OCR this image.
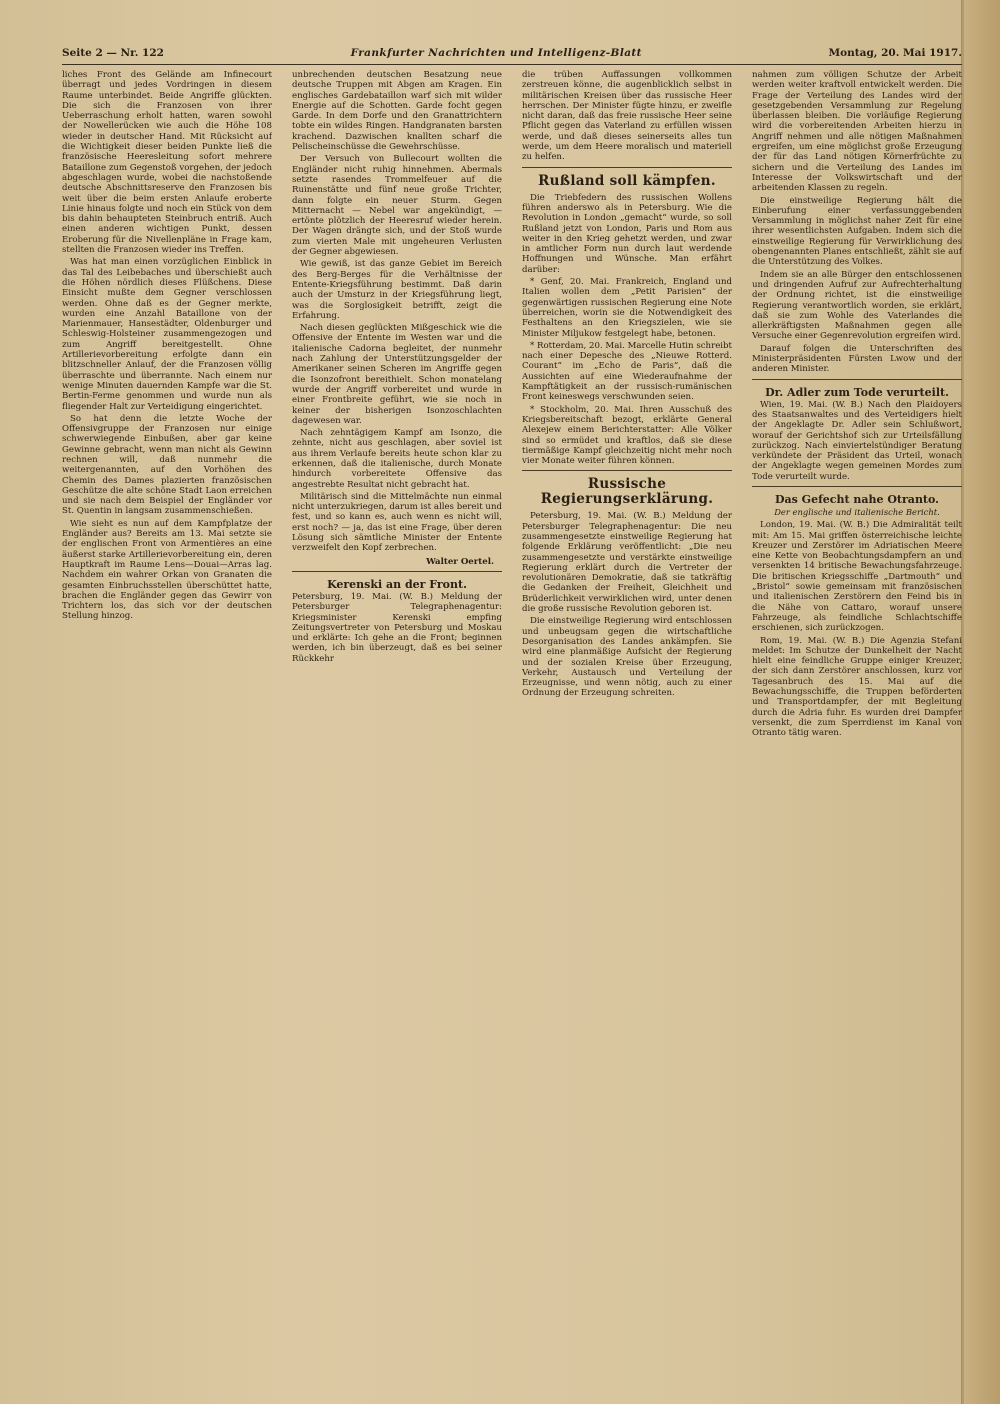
Seite 2 — Nr. 122	Frankfurter Nachrichten und Intelligenz-Blatt	Montag, 20. Mai 1917.

liches Front des Gelände am Infinecourt überragt und jedes Vordringen in diesem Raume unterbindet. Beide Angriffe glückten. Die sich die Franzosen von ihrer Ueberraschung erholt hatten, waren sowohl der Nowellerücken wie auch die Höhe 108 wieder in deutscher Hand. Mit Rücksicht auf die Wichtigkeit dieser beiden Punkte ließ die französische Heeresleitung sofort mehrere Bataillone zum Gegenstoß vorgehen, der jedoch abgeschlagen wurde, wobei die nachstoßende deutsche Abschnittsreserve den Franzosen bis weit über die beim ersten Anlaufe eroberte Linie hinaus folgte und noch ein Stück von dem bis dahin behaupteten Steinbruch entriß. Auch einen anderen wichtigen Punkt, dessen Eroberung für die Nivellenpläne in Frage kam, stellten die Franzosen wieder ins Treffen.

Was hat man einen vorzüglichen Einblick in das Tal des Leibebaches und überschießt auch die Höhen nördlich dieses Flüßchens. Diese Einsicht mußte dem Gegner verschlossen werden. Ohne daß es der Gegner merkte, wurden eine Anzahl Bataillone von der Marienmauer, Hansestädter, Oldenburger und Schleswig-Holsteiner zusammengezogen und zum Angriff bereitgestellt. Ohne Artillerievorbereitung erfolgte dann ein blitzschneller Anlauf, der die Franzosen völlig überraschte und überrannte. Nach einem nur wenige Minuten dauernden Kampfe war die St. Bertin-Ferme genommen und wurde nun als fliegender Halt zur Verteidigung eingerichtet.

So hat denn die letzte Woche der Offensivgruppe der Franzosen nur einige schwerwiegende Einbußen, aber gar keine Gewinne gebracht, wenn man nicht als Gewinn rechnen will, daß nunmehr die weitergenannten, auf den Vorhöhen des Chemin des Dames plazierten französischen Geschütze die alte schöne Stadt Laon erreichen und sie nach dem Beispiel der Engländer vor St. Quentin in langsam zusammenschießen.

Wie sieht es nun auf dem Kampfplatze der Engländer aus? Bereits am 13. Mai setzte sie der englischen Front von Armentières an eine äußerst starke Artillerievorbereitung ein, deren Hauptkraft im Raume Lens—Douai—Arras lag. Nachdem ein wahrer Orkan von Granaten die gesamten Einbruchsstellen überschüttet hatte, brachen die Engländer gegen das Gewirr von Trichtern los, das sich vor der deutschen Stellung hinzog.

unbrechenden deutschen Besatzung neue deutsche Truppen mit Abgen am Kragen. Ein englisches Gardebataillon warf sich mit wilder Energie auf die Schotten. Garde focht gegen Garde. In dem Dorfe und den Granattrichtern tobte ein wildes Ringen. Handgranaten barsten krachend. Dazwischen knallten scharf die Pelischeinschüsse die Gewehrschüsse.

Der Versuch von Bullecourt wollten die Engländer nicht ruhig hinnehmen. Abermals setzte rasendes Trommelfeuer auf die Ruinenstätte und fünf neue große Trichter, dann folgte ein neuer Sturm. Gegen Mitternacht — Nebel war angekündigt, — ertönte plötzlich der Heeresruf wieder herein. Der Wagen drängte sich, und der Stoß wurde zum vierten Male mit ungeheuren Verlusten der Gegner abgewiesen.

Wie gewiß, ist das ganze Gebiet im Bereich des Berg-Berges für die Verhältnisse der Entente-Kriegsführung bestimmt. Daß darin auch der Umsturz in der Kriegsführung liegt, was die Sorglosigkeit betrifft, zeigt die Erfahrung.

Nach diesen geglückten Mißgeschick wie die Offensive der Entente im Westen war und die italienische Cadorna begleitet, der nunmehr nach Zahlung der Unterstützungsgelder der Amerikaner seinen Scheren im Angriffe gegen die Isonzofront bereithielt. Schon monatelang wurde der Angriff vorbereitet und wurde in einer Frontbreite geführt, wie sie noch in keiner der bisherigen Isonzoschlachten dagewesen war.

Nach zehntägigem Kampf am Isonzo, die zehnte, nicht aus geschlagen, aber soviel ist aus ihrem Verlaufe bereits heute schon klar zu erkennen, daß die italienische, durch Monate hindurch vorbereitete Offensive das angestrebte Resultat nicht gebracht hat.

Militärisch sind die Mittelmächte nun einmal nicht unterzukriegen, darum ist alles bereit und fest, und so kann es, auch wenn es nicht will, erst noch? — ja, das ist eine Frage, über deren Lösung sich sämtliche Minister der Entente verzweifelt den Kopf zerbrechen.

Walter Oertel.
Kerenski an der Front.

Petersburg, 19. Mai. (W. B.) Meldung der Petersburger Telegraphenagentur: Kriegsminister Kerenski empfing Zeitungsvertreter von Petersburg und Moskau und erklärte: Ich gehe an die Front; beginnen werden, ich bin überzeugt, daß es bei seiner Rückkehr

die trüben Auffassungen vollkommen zerstreuen könne, die augenblicklich selbst in militärischen Kreisen über das russische Heer herrschen. Der Minister fügte hinzu, er zweifle nicht daran, daß das freie russische Heer seine Pflicht gegen das Vaterland zu erfüllen wissen werde, und daß dieses seinerseits alles tun werde, um dem Heere moralisch und materiell zu helfen.

Rußland soll kämpfen.

Die Triebfedern des russischen Wollens führen anderswo als in Petersburg. Wie die Revolution in London „gemacht“ wurde, so soll Rußland jetzt von London, Paris und Rom aus weiter in den Krieg gehetzt werden, und zwar in amtlicher Form nun durch laut werdende Hoffnungen und Wünsche. Man erfährt darüber:

* Genf, 20. Mai. Frankreich, England und Italien wollen dem „Petit Parisien“ der gegenwärtigen russischen Regierung eine Note überreichen, worin sie die Notwendigkeit des Festhaltens an den Kriegszielen, wie sie Minister Miljukow festgelegt habe, betonen.

* Rotterdam, 20. Mai. Marcelle Hutin schreibt nach einer Depesche des „Nieuwe Rotterd. Courant“ im „Echo de Paris“, daß die Aussichten auf eine Wiederaufnahme der Kampftätigkeit an der russisch-rumänischen Front keineswegs verschwunden seien.

* Stockholm, 20. Mai. Ihren Ausschuß des Kriegsbereitschaft bezogt, erklärte General Alexejew einem Berichterstatter: Alle Völker sind so ermüdet und kraftlos, daß sie diese tiermäßige Kampf gleichzeitig nicht mehr noch vier Monate weiter führen können.

Russische Regierungserklärung.

Petersburg, 19. Mai. (W. B.) Meldung der Petersburger Telegraphenagentur: Die neu zusammengesetzte einstweilige Regierung hat folgende Erklärung veröffentlicht: „Die neu zusammengesetzte und verstärkte einstweilige Regierung erklärt durch die Vertreter der revolutionären Demokratie, daß sie tatkräftig die Gedanken der Freiheit, Gleichheit und Brüderlichkeit verwirklichen wird, unter denen die große russische Revolution geboren ist.

Die einstweilige Regierung wird entschlossen und unbeugsam gegen die wirtschaftliche Desorganisation des Landes ankämpfen. Sie wird eine planmäßige Aufsicht der Regierung und der sozialen Kreise über Erzeugung, Verkehr, Austausch und Verteilung der Erzeugnisse, und wenn nötig, auch zu einer Ordnung der Erzeugung schreiten.

nahmen zum völligen Schutze der Arbeit werden weiter kraftvoll entwickelt werden. Die Frage der Verteilung des Landes wird der gesetzgebenden Versammlung zur Regelung überlassen bleiben. Die vorläufige Regierung wird die vorbereitenden Arbeiten hierzu in Angriff nehmen und alle nötigen Maßnahmen ergreifen, um eine möglichst große Erzeugung der für das Land nötigen Körnerfrüchte zu sichern und die Verteilung des Landes im Interesse der Volkswirtschaft und der arbeitenden Klassen zu regeln.

Die einstweilige Regierung hält die Einberufung einer verfassunggebenden Versammlung in möglichst naher Zeit für eine ihrer wesentlichsten Aufgaben. Indem sich die einstweilige Regierung für Verwirklichung des obengenannten Planes entschließt, zählt sie auf die Unterstützung des Volkes.

Indem sie an alle Bürger den entschlossenen und dringenden Aufruf zur Aufrechterhaltung der Ordnung richtet, ist die einstweilige Regierung verantwortlich worden, sie erklärt, daß sie zum Wohle des Vaterlandes die allerkräftigsten Maßnahmen gegen alle Versuche einer Gegenrevolution ergreifen wird.

Darauf folgen die Unterschriften des Ministerpräsidenten Fürsten Lwow und der anderen Minister.

Dr. Adler zum Tode verurteilt.

Wien, 19. Mai. (W. B.) Nach den Plaidoyers des Staatsanwaltes und des Verteidigers hielt der Angeklagte Dr. Adler sein Schlußwort, worauf der Gerichtshof sich zur Urteilsfällung zurückzog. Nach einviertelstündiger Beratung verkündete der Präsident das Urteil, wonach der Angeklagte wegen gemeinen Mordes zum Tode verurteilt wurde.

Das Gefecht nahe Otranto.
Der englische und italienische Bericht.

London, 19. Mai. (W. B.) Die Admiralität teilt mit: Am 15. Mai griffen österreichische leichte Kreuzer und Zerstörer im Adriatischen Meere eine Kette von Beobachtungsdampfern an und versenkten 14 britische Bewachungsfahrzeuge. Die britischen Kriegsschiffe „Dartmouth“ und „Bristol“ sowie gemeinsam mit französischen und italienischen Zerstörern den Feind bis in die Nähe von Cattaro, worauf unsere Fahrzeuge, als feindliche Schlachtschiffe erschienen, sich zurückzogen.

Rom, 19. Mai. (W. B.) Die Agenzia Stefani meldet: Im Schutze der Dunkelheit der Nacht hielt eine feindliche Gruppe einiger Kreuzer, der sich dann Zerstörer anschlossen, kurz vor Tagesanbruch des 15. Mai auf die Bewachungsschiffe, die Truppen beförderten und Transportdampfer, der mit Begleitung durch die Adria fuhr. Es wurden drei Dampfer versenkt, die zum Sperrdienst im Kanal von Otranto tätig waren.
